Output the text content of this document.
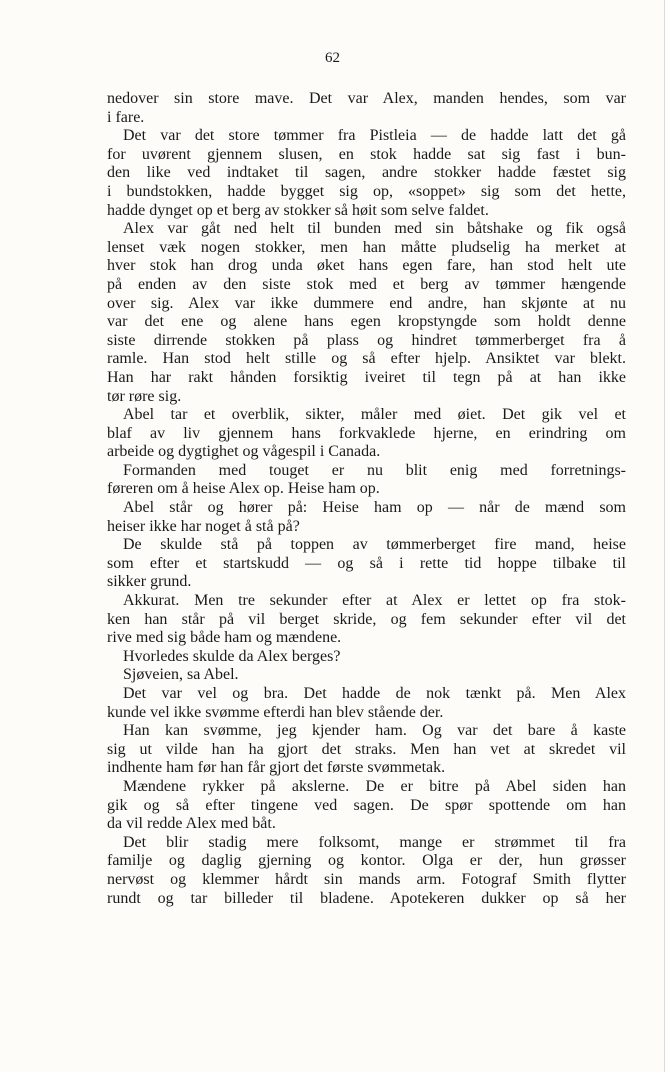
62
nedover sin store mave. Det var Alex, manden hendes, som var
i fare.
Det var det store tømmer fra Pistleia — de hadde latt det gå
for uvørent gjennem slusen, en stok hadde sat sig fast i bun-
den like ved indtaket til sagen, andre stokker hadde fæstet sig
i bundstokken, hadde bygget sig op, «soppet» sig som det hette,
hadde dynget op et berg av stokker så høit som selve faldet.
Alex var gåt ned helt til bunden med sin båtshake og fik også
lenset væk nogen stokker, men han måtte pludselig ha merket at
hver stok han drog unda øket hans egen fare, han stod helt ute
på enden av den siste stok med et berg av tømmer hængende
over sig. Alex var ikke dummere end andre, han skjønte at nu
var det ene og alene hans egen kropstyngde som holdt denne
siste dirrende stokken på plass og hindret tømmerberget fra å
ramle. Han stod helt stille og så efter hjelp. Ansiktet var blekt.
Han har rakt hånden forsiktig iveiret til tegn på at han ikke
tør røre sig.
Abel tar et overblik, sikter, måler med øiet. Det gik vel et
blaf av liv gjennem hans forkvaklede hjerne, en erindring om
arbeide og dygtighet og vågespil i Canada.
Formanden med touget er nu blit enig med forretnings-
føreren om å heise Alex op. Heise ham op.
Abel står og hører på: Heise ham op — når de mænd som
heiser ikke har noget å stå på?
De skulde stå på toppen av tømmerberget fire mand, heise
som efter et startskudd — og så i rette tid hoppe tilbake til
sikker grund.
Akkurat. Men tre sekunder efter at Alex er lettet op fra stok-
ken han står på vil berget skride, og fem sekunder efter vil det
rive med sig både ham og mændene.
Hvorledes skulde da Alex berges?
Sjøveien, sa Abel.
Det var vel og bra. Det hadde de nok tænkt på. Men Alex
kunde vel ikke svømme efterdi han blev stående der.
Han kan svømme, jeg kjender ham. Og var det bare å kaste
sig ut vilde han ha gjort det straks. Men han vet at skredet vil
indhente ham før han får gjort det første svømmetak.
Mændene rykker på akslerne. De er bitre på Abel siden han
gik og så efter tingene ved sagen. De spør spottende om han
da vil redde Alex med båt.
Det blir stadig mere folksomt, mange er strømmet til fra
familje og daglig gjerning og kontor. Olga er der, hun grøsser
nervøst og klemmer hårdt sin mands arm. Fotograf Smith flytter
rundt og tar billeder til bladene. Apotekeren dukker op så her
